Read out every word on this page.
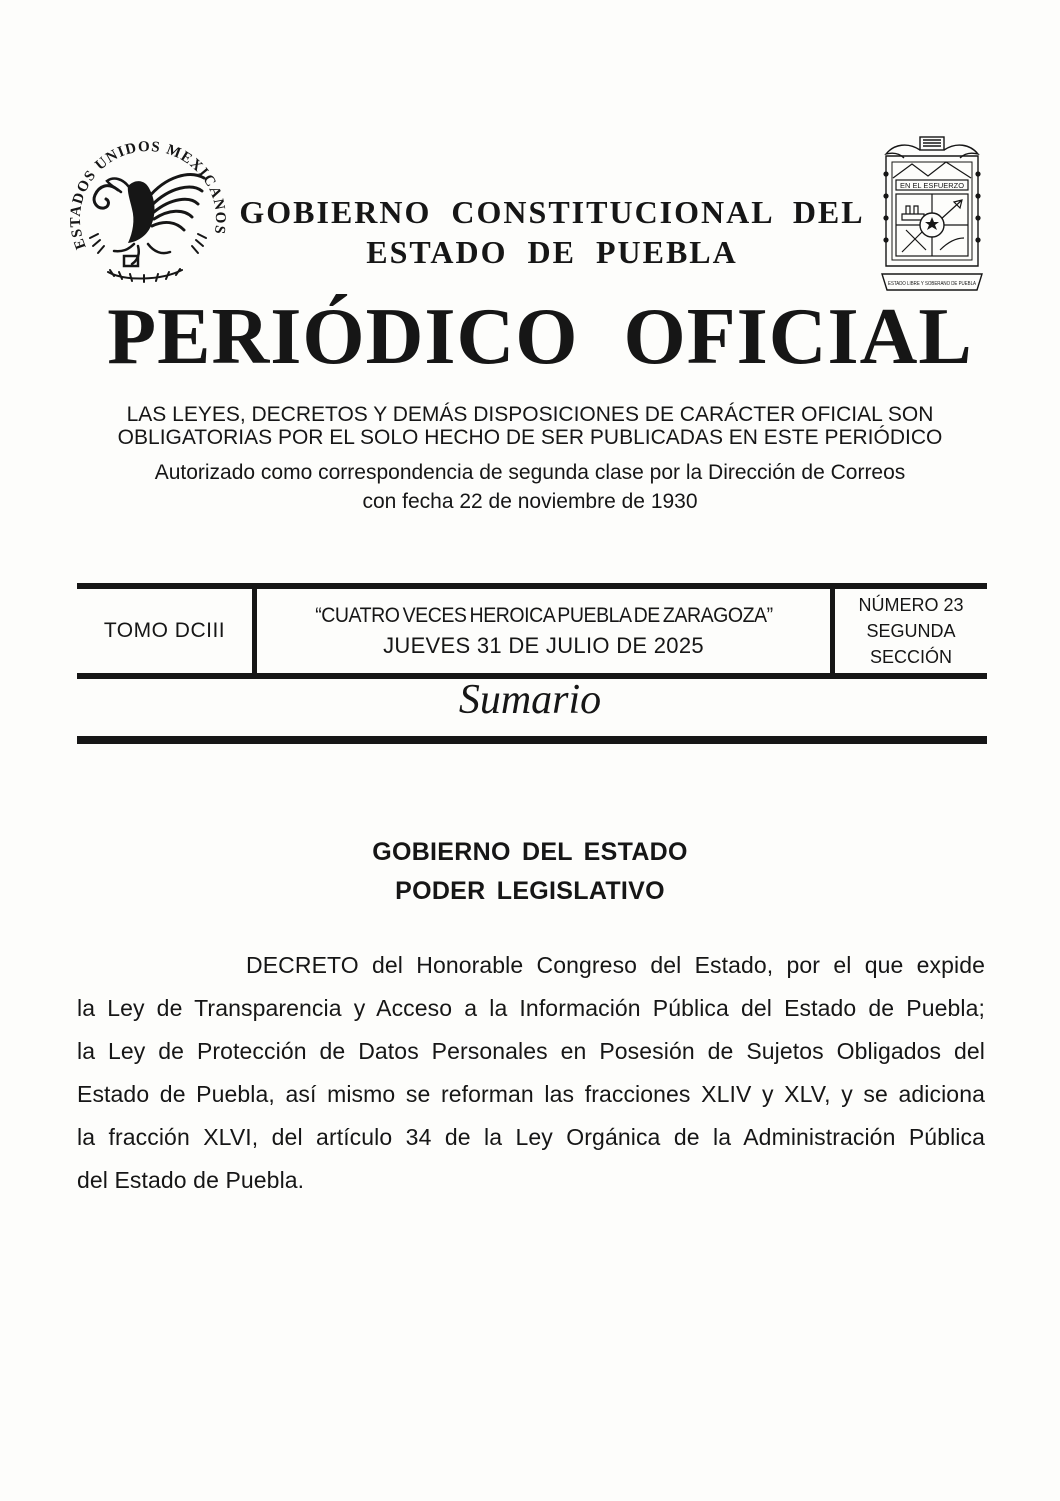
ESTADOS UNIDOS MEXICANOS
EN EL ESFUERZO
ESTADO LIBRE Y SOBERANO DE PUEBLA
GOBIERNO CONSTITUCIONAL DEL
ESTADO DE PUEBLA
PERIÓDICO OFICIAL
LAS LEYES, DECRETOS Y DEMÁS DISPOSICIONES DE CARÁCTER OFICIAL SON
OBLIGATORIAS POR EL SOLO HECHO DE SER PUBLICADAS EN ESTE PERIÓDICO
Autorizado como correspondencia de segunda clase por la Dirección de Correos
con fecha 22 de noviembre de 1930
TOMO DCIII
“CUATRO VECES HEROICA PUEBLA DE ZARAGOZA”
JUEVES 31 DE JULIO DE 2025
NÚMERO 23
SEGUNDA
SECCIÓN
Sumario
GOBIERNO DEL ESTADO
PODER LEGISLATIVO
DECRETO del Honorable Congreso del Estado, por el que expide
la Ley de Transparencia y Acceso a la Información Pública del Estado de Puebla;
la Ley de Protección de Datos Personales en Posesión de Sujetos Obligados del
Estado de Puebla, así mismo se reforman las fracciones XLIV y XLV, y se adiciona
la fracción XLVI, del artículo 34 de la Ley Orgánica de la Administración Pública
del Estado de Puebla.
